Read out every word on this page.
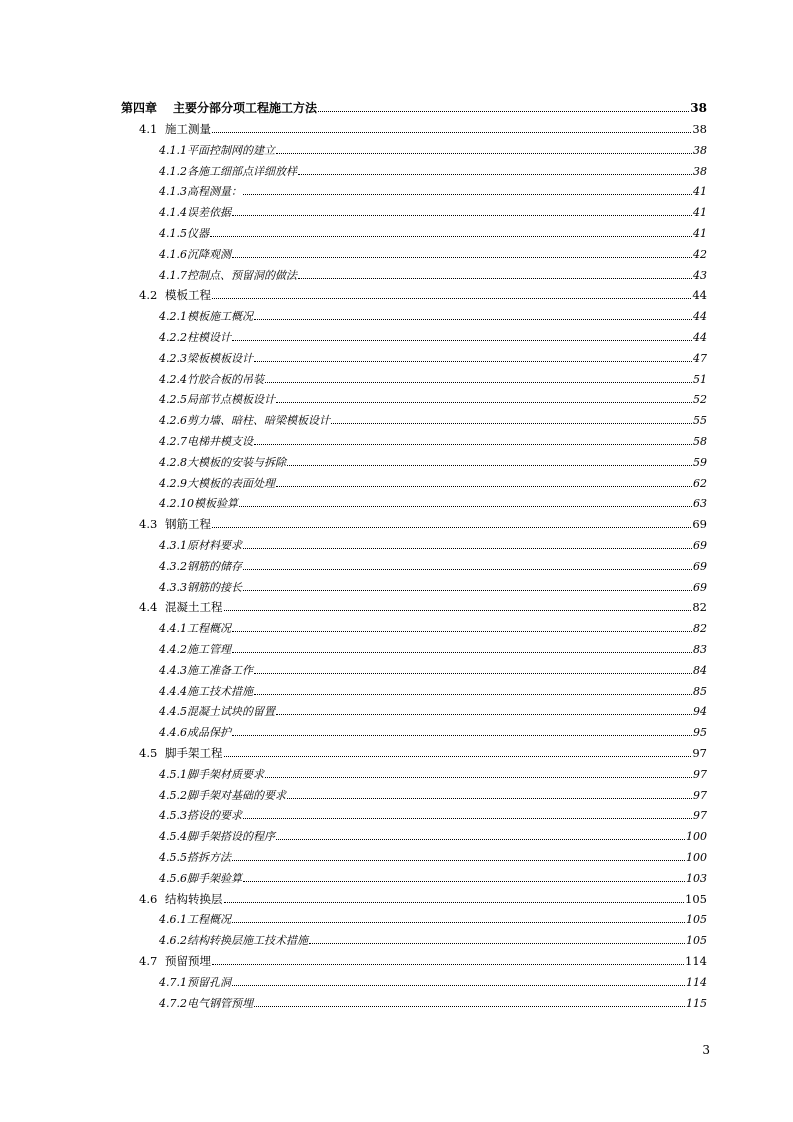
第四章 主要分部分项工程施工方法	38
4.1 施工测量	38
4.1.1平面控制网的建立	38
4.1.2各施工细部点详细放样	38
4.1.3高程测量：	41
4.1.4误差依据	41
4.1.5仪器	41
4.1.6沉降观测	42
4.1.7控制点、预留洞的做法	43
4.2 模板工程	44
4.2.1模板施工概况	44
4.2.2柱模设计	44
4.2.3梁板模板设计	47
4.2.4竹胶合板的吊装	51
4.2.5局部节点模板设计	52
4.2.6剪力墙、暗柱、暗梁模板设计	55
4.2.7电梯井模支设	58
4.2.8大模板的安装与拆除	59
4.2.9大模板的表面处理	62
4.2.10模板验算	63
4.3 钢筋工程	69
4.3.1原材料要求	69
4.3.2钢筋的储存	69
4.3.3钢筋的接长	69
4.4 混凝土工程	82
4.4.1工程概况	82
4.4.2施工管理	83
4.4.3施工准备工作	84
4.4.4施工技术措施	85
4.4.5混凝土试块的留置	94
4.4.6成品保护	95
4.5 脚手架工程	97
4.5.1脚手架材质要求	97
4.5.2脚手架对基础的要求	97
4.5.3搭设的要求	97
4.5.4脚手架搭设的程序	100
4.5.5搭拆方法	100
4.5.6脚手架验算	103
4.6 结构转换层	105
4.6.1工程概况	105
4.6.2结构转换层施工技术措施	105
4.7 预留预埋	114
4.7.1预留孔洞	114
4.7.2电气钢管预埋	115
3
